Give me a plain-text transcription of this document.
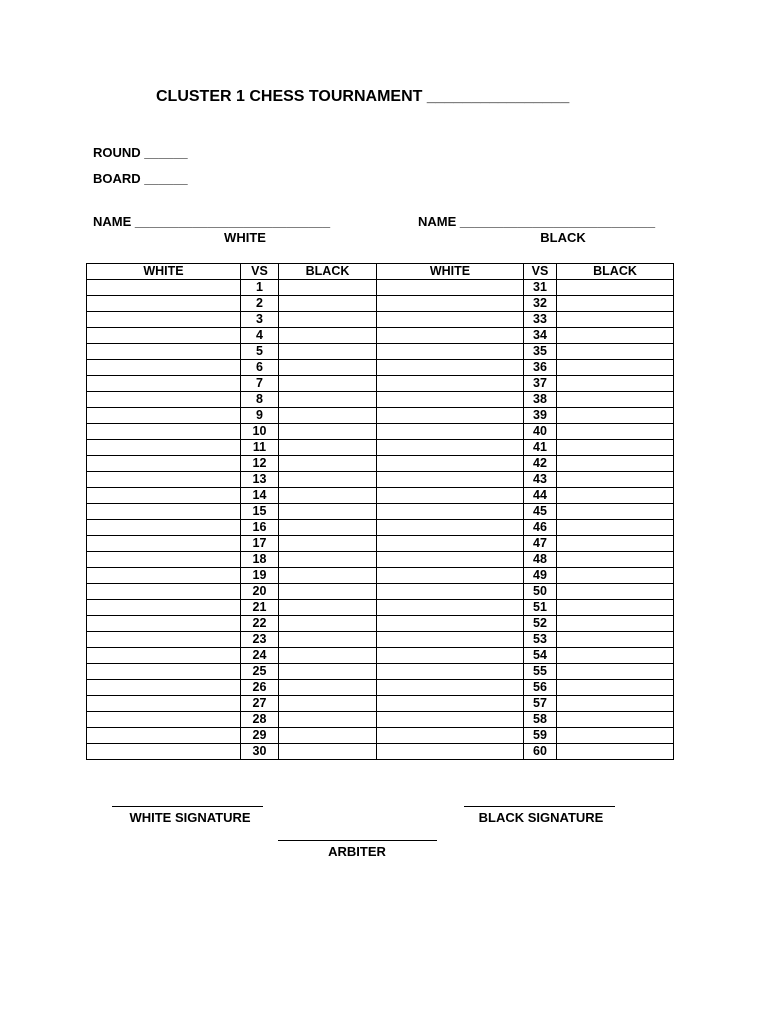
CLUSTER 1 CHESS TOURNAMENT ________________
ROUND ______
BOARD ______
NAME ___________________________	NAME ___________________________
WHITE	BLACK
WHITE	VS	BLACK	WHITE	VS	BLACK
	1			31	
	2			32	
	3			33	
	4			34	
	5			35	
	6			36	
	7			37	
	8			38	
	9			39	
	10			40	
	11			41	
	12			42	
	13			43	
	14			44	
	15			45	
	16			46	
	17			47	
	18			48	
	19			49	
	20			50	
	21			51	
	22			52	
	23			53	
	24			54	
	25			55	
	26			56	
	27			57	
	28			58	
	29			59	
	30			60	
WHITE SIGNATURE	BLACK SIGNATURE
ARBITER
